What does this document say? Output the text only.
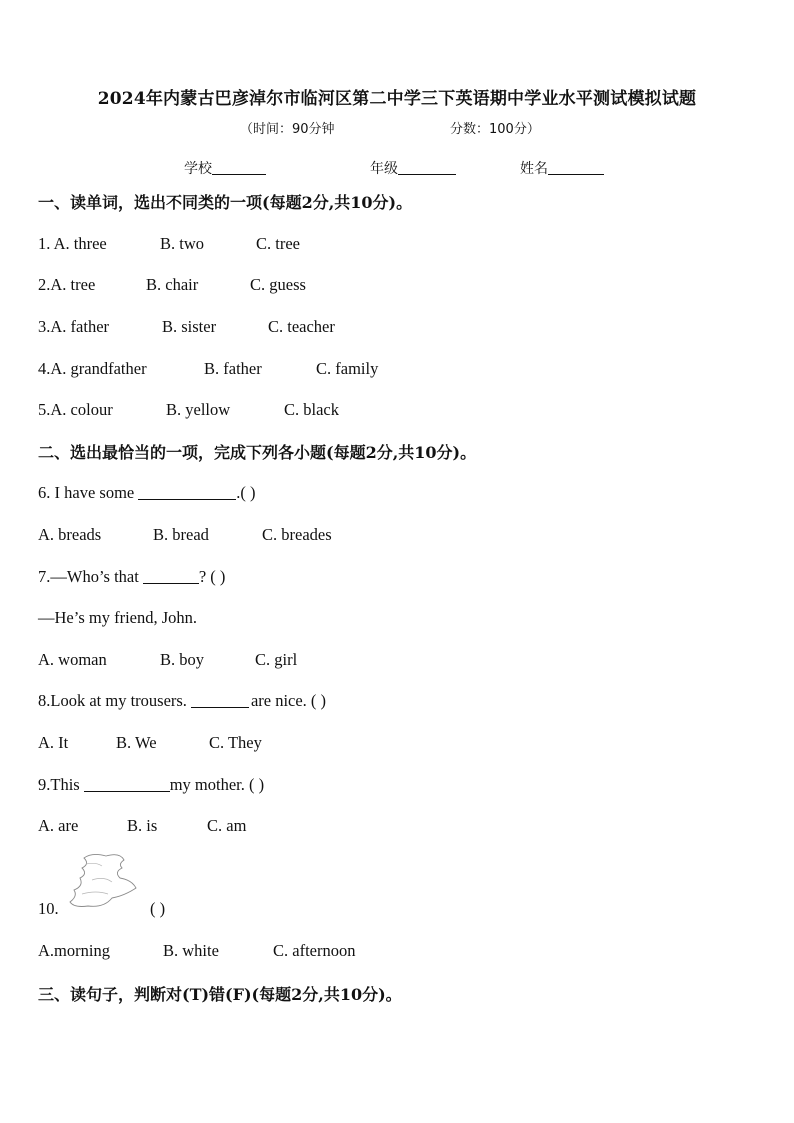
2024年内蒙古巴彦淖尔市临河区第二中学三下英语期中学业水平测试模拟试题
（时间：90分钟	分数：100分）
学校	年级	姓名
一、读单词，选出不同类的一项(每题2分,共10分)。
1. A. three	B. two	C. tree
2.A. tree	B. chair	C. guess
3.A. father	B. sister	C. teacher
4.A. grandfather	B. father	C. family
5.A. colour	B. yellow	C. black
二、选出最恰当的一项，完成下列各小题(每题2分,共10分)。
6. I have some	.( )
A. breads	B. bread	C. breades
7.—Who’s that	? ( )
—He’s my friend, John.
A. woman	B. boy	C. girl
8.Look at my trousers.	are nice. ( )
A. It	B. We	C. They
9.This	my mother. ( )
A. are	B. is	C. am
10.	( )
A.morning	B. white	C. afternoon
三、读句子，判断对(T)错(F)(每题2分,共10分)。
